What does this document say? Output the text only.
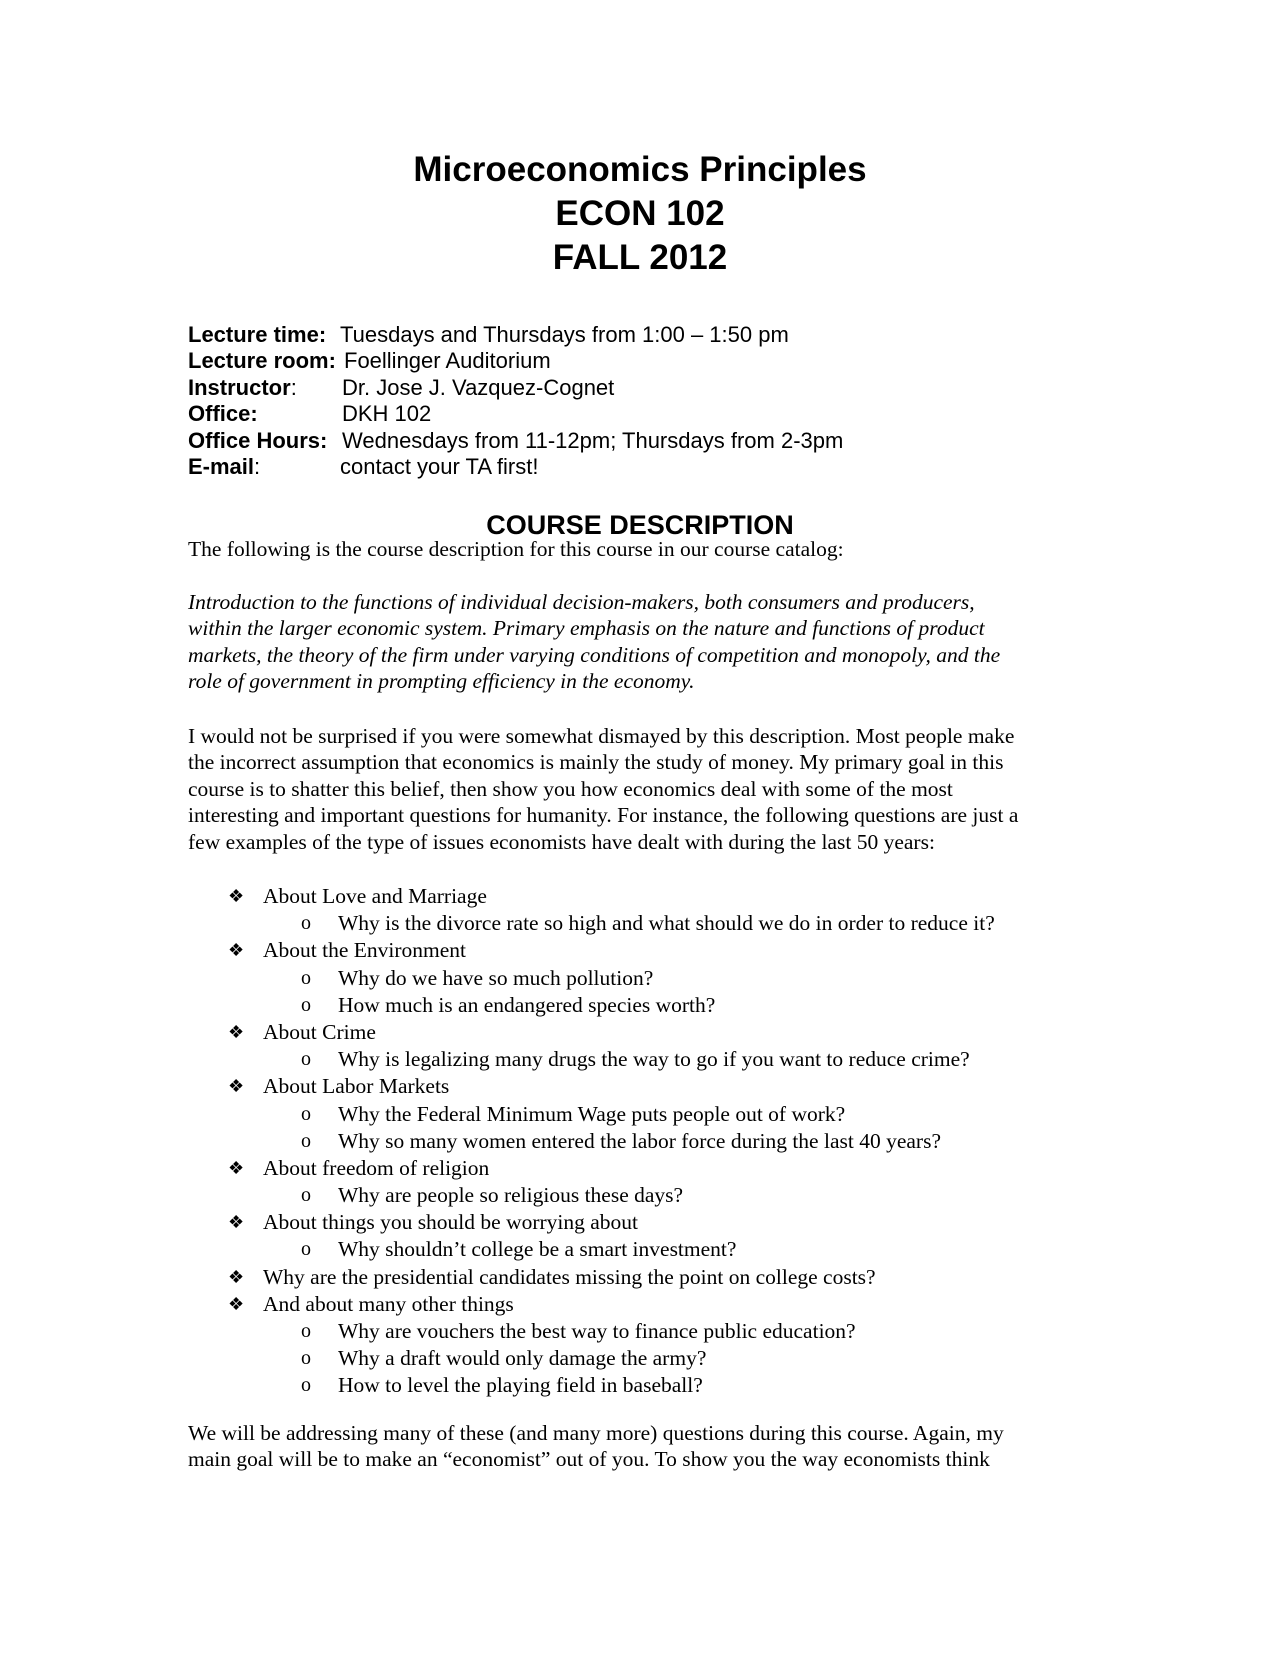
Microeconomics Principles
ECON 102
FALL 2012
Lecture time: Tuesdays and Thursdays from 1:00 – 1:50 pm
Lecture room: Foellinger Auditorium
Instructor: Dr. Jose J. Vazquez-Cognet
Office:	DKH 102
Office Hours: Wednesdays from 11-12pm; Thursdays from 2-3pm
E-mail:	contact your TA first!
COURSE DESCRIPTION
The following is the course description for this course in our course catalog:
Introduction to the functions of individual decision-makers, both consumers and producers,
within the larger economic system. Primary emphasis on the nature and functions of product
markets, the theory of the firm under varying conditions of competition and monopoly, and the
role of government in prompting efficiency in the economy.
I would not be surprised if you were somewhat dismayed by this description. Most people make
the incorrect assumption that economics is mainly the study of money. My primary goal in this
course is to shatter this belief, then show you how economics deal with some of the most
interesting and important questions for humanity. For instance, the following questions are just a
few examples of the type of issues economists have dealt with during the last 50 years:
❖ About Love and Marriage
o Why is the divorce rate so high and what should we do in order to reduce it?
❖ About the Environment
o Why do we have so much pollution?
o How much is an endangered species worth?
❖ About Crime
o Why is legalizing many drugs the way to go if you want to reduce crime?
❖ About Labor Markets
o Why the Federal Minimum Wage puts people out of work?
o Why so many women entered the labor force during the last 40 years?
❖ About freedom of religion
o Why are people so religious these days?
❖ About things you should be worrying about
o Why shouldn’t college be a smart investment?
❖ Why are the presidential candidates missing the point on college costs?
❖ And about many other things
o Why are vouchers the best way to finance public education?
o Why a draft would only damage the army?
o How to level the playing field in baseball?
We will be addressing many of these (and many more) questions during this course. Again, my
main goal will be to make an “economist” out of you. To show you the way economists think
